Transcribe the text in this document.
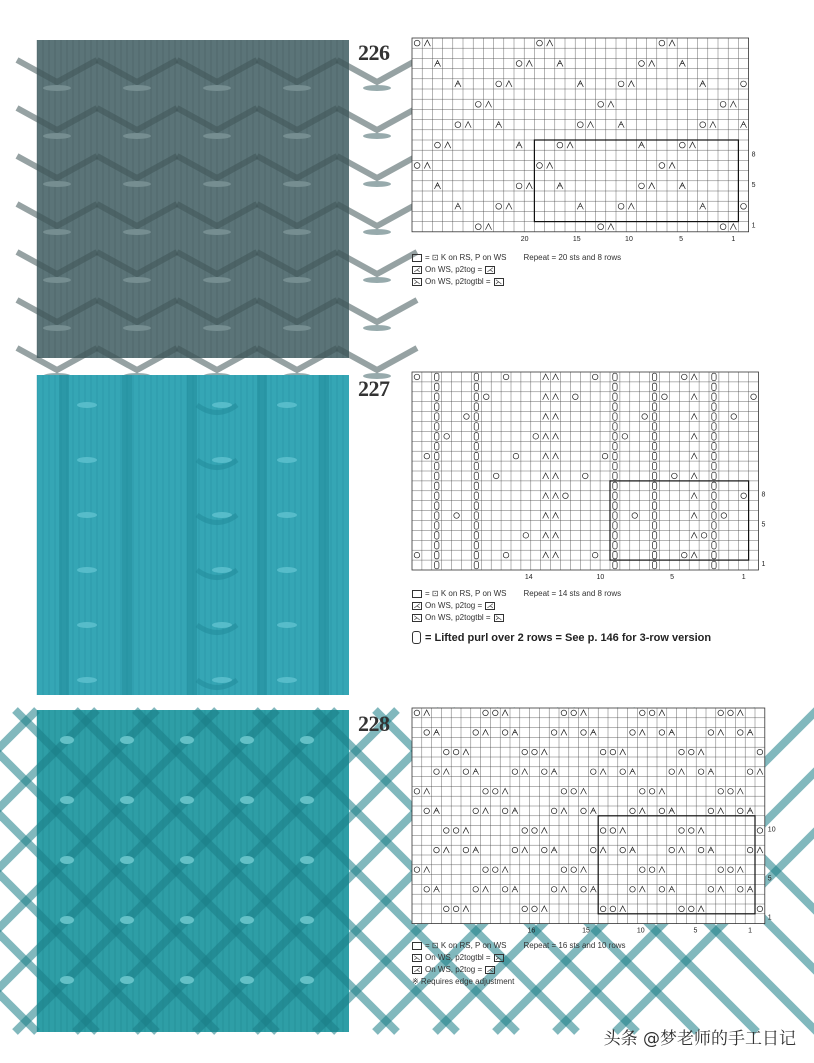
226
20	15	10	5	1
8
5
1
= ⊡ K on RS, P on WS Repeat = 20 sts and 8 rows
⋌ On WS, p2tog = ⋌
⋋ On WS, p2togtbl = ⋋
227
14	10	5	1
8
5
1
= ⊡ K on RS, P on WS Repeat = 14 sts and 8 rows
⋌ On WS, p2tog = ⋌
⋋ On WS, p2togtbl = ⋋
= Lifted purl over 2 rows = See p. 146 for 3-row version
228
16	15	10	5	1
10
5
1
= ⊡ K on RS, P on WS Repeat = 16 sts and 10 rows
⋋ On WS, p2togtbl = ⋋
⋌ On WS, p2tog = ⋌
※ Requires edge adjustment
头条 @梦老师的手工日记
